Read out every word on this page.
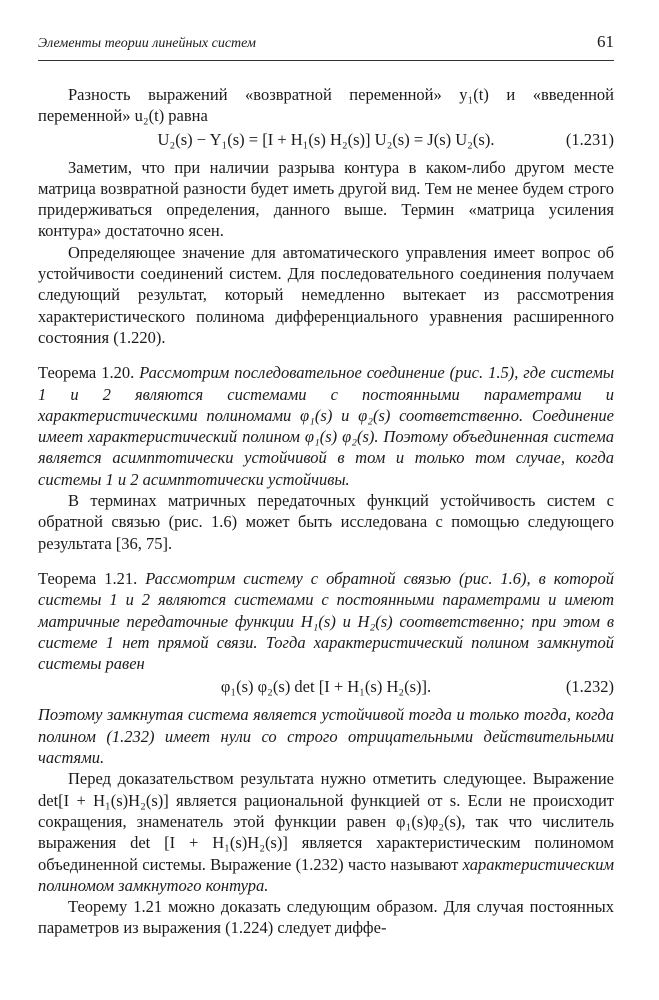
Элементы теории линейных систем	61

Разность выражений «возвратной переменной» y₁(t) и «введенной переменной» u₂(t) равна

U₂(s) − Y₁(s) = [I + H₁(s) H₂(s)] U₂(s) = J(s) U₂(s).	(1.231)

Заметим, что при наличии разрыва контура в каком-либо другом месте матрица возвратной разности будет иметь другой вид. Тем не менее будем строго придерживаться определения, данного выше. Термин «матрица усиления контура» достаточно ясен.

Определяющее значение для автоматического управления имеет вопрос об устойчивости соединений систем. Для последовательного соединения получаем следующий результат, который немедленно вытекает из рассмотрения характеристического полинома дифференциального уравнения расширенного состояния (1.220).

Теорема 1.20. Рассмотрим последовательное соединение (рис. 1.5), где системы 1 и 2 являются системами с постоянными параметрами и характеристическими полиномами φ₁(s) и φ₂(s) соответственно. Соединение имеет характеристический полином φ₁(s) φ₂(s). Поэтому объединенная система является асимптотически устойчивой в том и только том случае, когда системы 1 и 2 асимптотически устойчивы.

В терминах матричных передаточных функций устойчивость систем с обратной связью (рис. 1.6) может быть исследована с помощью следующего результата [36, 75].

Теорема 1.21. Рассмотрим систему с обратной связью (рис. 1.6), в которой системы 1 и 2 являются системами с постоянными параметрами и имеют матричные передаточные функции H₁(s) и H₂(s) соответственно; при этом в системе 1 нет прямой связи. Тогда характеристический полином замкнутой системы равен

φ₁(s) φ₂(s) det [I + H₁(s) H₂(s)].	(1.232)

Поэтому замкнутая система является устойчивой тогда и только тогда, когда полином (1.232) имеет нули со строго отрицательными действительными частями.

Перед доказательством результата нужно отметить следующее. Выражение det[I + H₁(s)H₂(s)] является рациональной функцией от s. Если не происходит сокращения, знаменатель этой функции равен φ₁(s)φ₂(s), так что числитель выражения det [I + H₁(s)H₂(s)] является характеристическим полиномом объединенной системы. Выражение (1.232) часто называют характеристическим полиномом замкнутого контура.

Теорему 1.21 можно доказать следующим образом. Для случая постоянных параметров из выражения (1.224) следует диффе-
